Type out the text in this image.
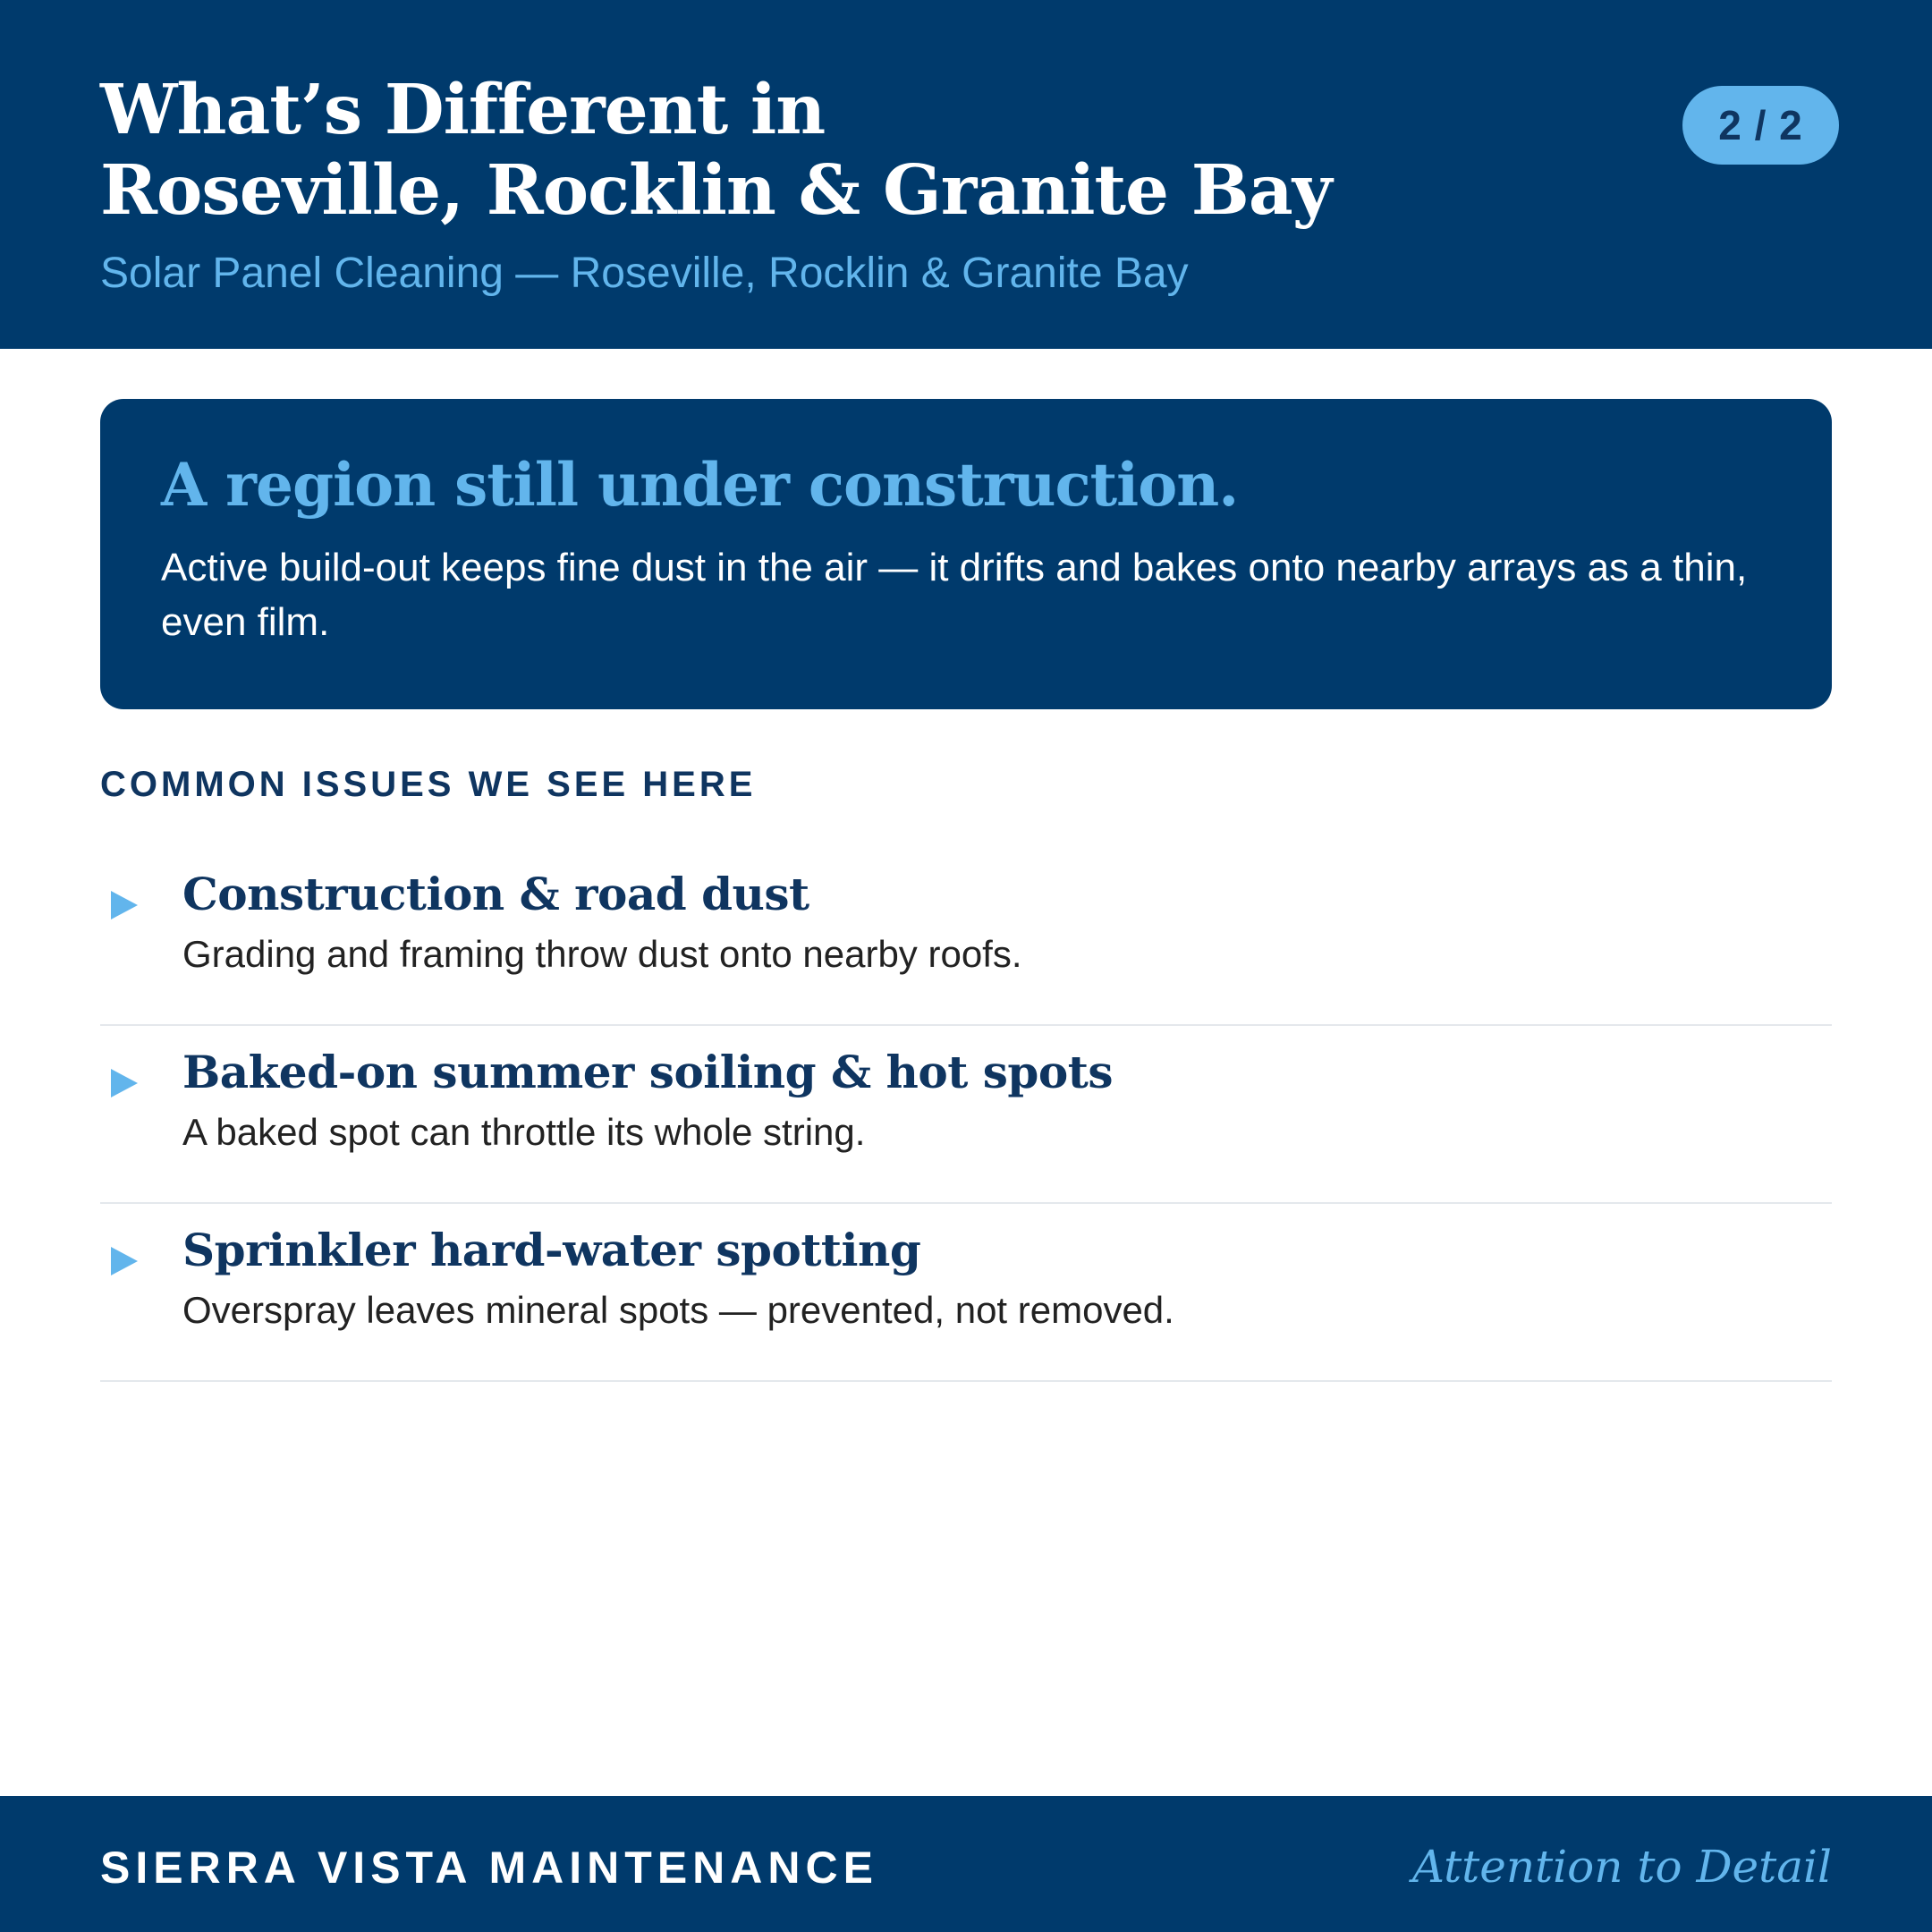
What’s Different in
Roseville, Rocklin & Granite Bay
Solar Panel Cleaning — Roseville, Rocklin & Granite Bay
2 / 2
A region still under construction.

Active build-out keeps fine dust in the air — it drifts and bakes onto nearby arrays as a thin, even film.

COMMON ISSUES WE SEE HERE
Construction & road dust
Grading and framing throw dust onto nearby roofs.
Baked-on summer soiling & hot spots
A baked spot can throttle its whole string.
Sprinkler hard-water spotting
Overspray leaves mineral spots — prevented, not removed.
SIERRA VISTA MAINTENANCE	Attention to Detail
